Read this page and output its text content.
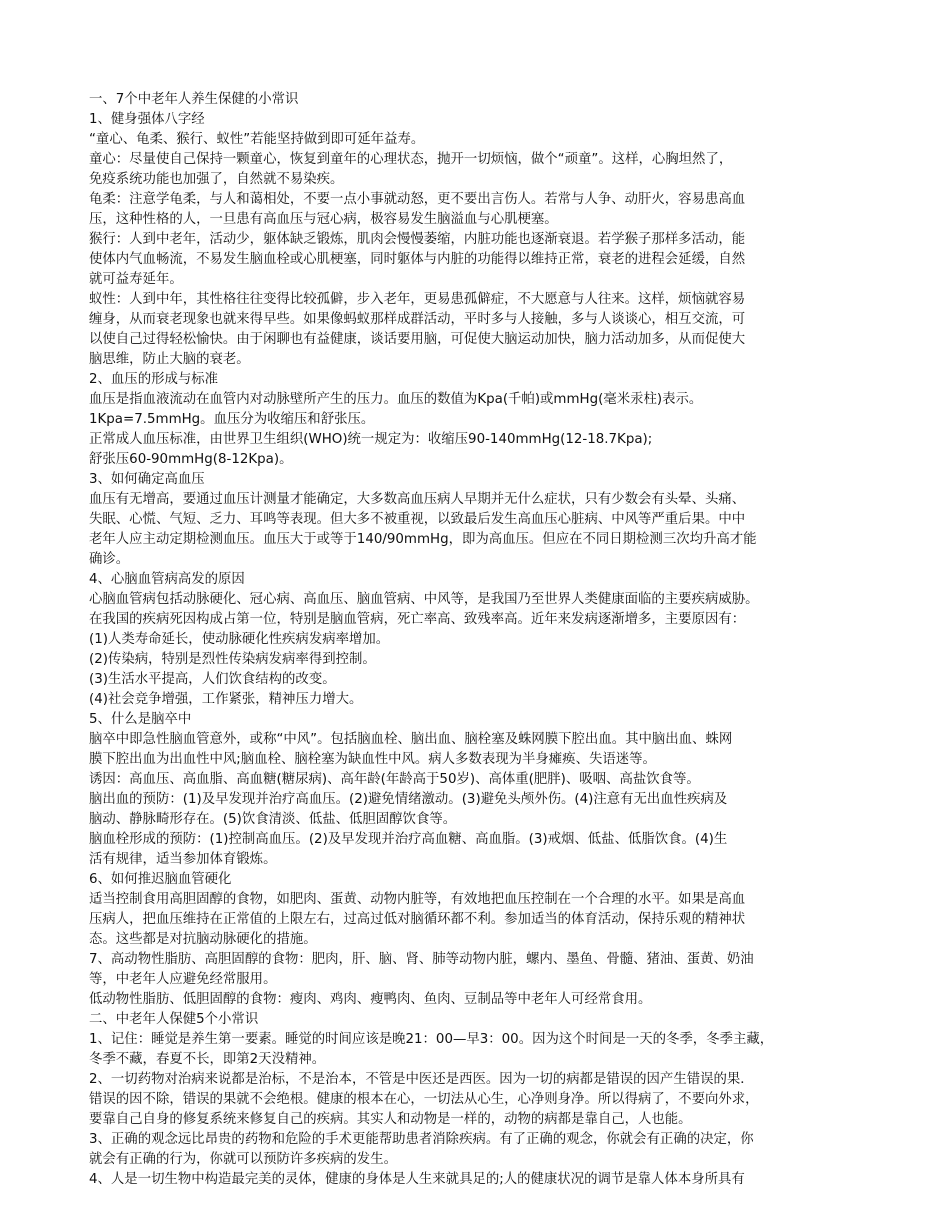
一、7个中老年人养生保健的小常识
1、健身强体八字经
“童心、龟柔、猴行、蚁性”若能坚持做到即可延年益寿。
童心：尽量使自己保持一颗童心，恢复到童年的心理状态，抛开一切烦恼，做个“顽童”。这样，心胸坦然了，
免疫系统功能也加强了，自然就不易染疾。
龟柔：注意学龟柔，与人和蔼相处，不要一点小事就动怒，更不要出言伤人。若常与人争、动肝火，容易患高血
压，这种性格的人，一旦患有高血压与冠心病，极容易发生脑溢血与心肌梗塞。
猴行：人到中老年，活动少，躯体缺乏锻炼，肌肉会慢慢萎缩，内脏功能也逐渐衰退。若学猴子那样多活动，能
使体内气血畅流，不易发生脑血栓或心肌梗塞，同时躯体与内脏的功能得以维持正常，衰老的进程会延缓，自然
就可益寿延年。
蚁性：人到中年，其性格往往变得比较孤僻，步入老年，更易患孤僻症，不大愿意与人往来。这样，烦恼就容易
缠身，从而衰老现象也就来得早些。如果像蚂蚁那样成群活动，平时多与人接触，多与人谈谈心，相互交流，可
以使自己过得轻松愉快。由于闲聊也有益健康，谈话要用脑，可促使大脑运动加快，脑力活动加多，从而促使大
脑思维，防止大脑的衰老。
2、血压的形成与标准
血压是指血液流动在血管内对动脉壁所产生的压力。血压的数值为Kpa(千帕)或mmHg(毫米汞柱)表示。
1Kpa=7.5mmHg。血压分为收缩压和舒张压。
正常成人血压标准，由世界卫生组织(WHO)统一规定为：收缩压90-140mmHg(12-18.7Kpa);
舒张压60-90mmHg(8-12Kpa)。
3、如何确定高血压
血压有无增高，要通过血压计测量才能确定，大多数高血压病人早期并无什么症状，只有少数会有头晕、头痛、
失眠、心慌、气短、乏力、耳鸣等表现。但大多不被重视，以致最后发生高血压心脏病、中风等严重后果。中中
老年人应主动定期检测血压。血压大于或等于140/90mmHg，即为高血压。但应在不同日期检测三次均升高才能
确诊。
4、心脑血管病高发的原因
心脑血管病包括动脉硬化、冠心病、高血压、脑血管病、中风等，是我国乃至世界人类健康面临的主要疾病威胁。
在我国的疾病死因构成占第一位，特别是脑血管病，死亡率高、致残率高。近年来发病逐渐增多，主要原因有：
(1)人类寿命延长，使动脉硬化性疾病发病率增加。
(2)传染病，特别是烈性传染病发病率得到控制。
(3)生活水平提高，人们饮食结构的改变。
(4)社会竞争增强，工作紧张，精神压力增大。
5、什么是脑卒中
脑卒中即急性脑血管意外，或称“中风”。包括脑血栓、脑出血、脑栓塞及蛛网膜下腔出血。其中脑出血、蛛网
膜下腔出血为出血性中风;脑血栓、脑栓塞为缺血性中风。病人多数表现为半身瘫痪、失语迷等。
诱因：高血压、高血脂、高血糖(糖尿病)、高年龄(年龄高于50岁)、高体重(肥胖)、吸咽、高盐饮食等。
脑出血的预防：(1)及早发现并治疗高血压。(2)避免情绪激动。(3)避免头颅外伤。(4)注意有无出血性疾病及
脑动、静脉畸形存在。(5)饮食清淡、低盐、低胆固醇饮食等。
脑血栓形成的预防：(1)控制高血压。(2)及早发现并治疗高血糖、高血脂。(3)戒烟、低盐、低脂饮食。(4)生
活有规律，适当参加体育锻炼。
6、如何推迟脑血管硬化
适当控制食用高胆固醇的食物，如肥肉、蛋黄、动物内脏等，有效地把血压控制在一个合理的水平。如果是高血
压病人，把血压维持在正常值的上限左右，过高过低对脑循环都不利。参加适当的体育活动，保持乐观的精神状
态。这些都是对抗脑动脉硬化的措施。
7、高动物性脂肪、高胆固醇的食物：肥肉，肝、脑、肾、肺等动物内脏，螺内、墨鱼、骨髓、猪油、蛋黄、奶油
等，中老年人应避免经常服用。
低动物性脂肪、低胆固醇的食物：瘦肉、鸡肉、瘦鸭肉、鱼肉、豆制品等中老年人可经常食用。
二、中老年人保健5个小常识
1、记住：睡觉是养生第一要素。睡觉的时间应该是晚21：00—早3：00。因为这个时间是一天的冬季，冬季主藏，
冬季不藏，春夏不长，即第2天没精神。
2、一切药物对治病来说都是治标，不是治本，不管是中医还是西医。因为一切的病都是错误的因产生错误的果．
错误的因不除，错误的果就不会绝根。健康的根本在心，一切法从心生，心净则身净。所以得病了，不要向外求，
要靠自己自身的修复系统来修复自己的疾病。其实人和动物是一样的，动物的病都是靠自己，人也能。
3、正确的观念远比昂贵的药物和危险的手术更能帮助患者消除疾病。有了正确的观念，你就会有正确的决定，你
就会有正确的行为，你就可以预防许多疾病的发生。
4、人是一切生物中构造最完美的灵体，健康的身体是人生来就具足的;人的健康状况的调节是靠人体本身所具有
